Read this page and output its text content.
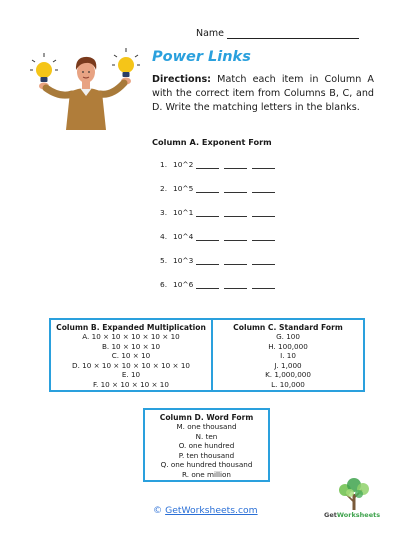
Name
Power Links
Directions: Match each item in Column A with the correct item from Columns B, C, and D. Write the matching letters in the blanks.
Column A. Exponent Form
1. 10^2
2. 10^5
3. 10^1
4. 10^4
5. 10^3
6. 10^6
Column B. Expanded Multiplication
A. 10 × 10 × 10 × 10 × 10
B. 10 × 10 × 10
C. 10 × 10
D. 10 × 10 × 10 × 10 × 10 × 10
E. 10
F. 10 × 10 × 10 × 10
Column C. Standard Form
G. 100
H. 100,000
I. 10
J. 1,000
K. 1,000,000
L. 10,000
Column D. Word Form
M. one thousand
N. ten
O. one hundred
P. ten thousand
Q. one hundred thousand
R. one million
© GetWorksheets.com	GetWorksheets
